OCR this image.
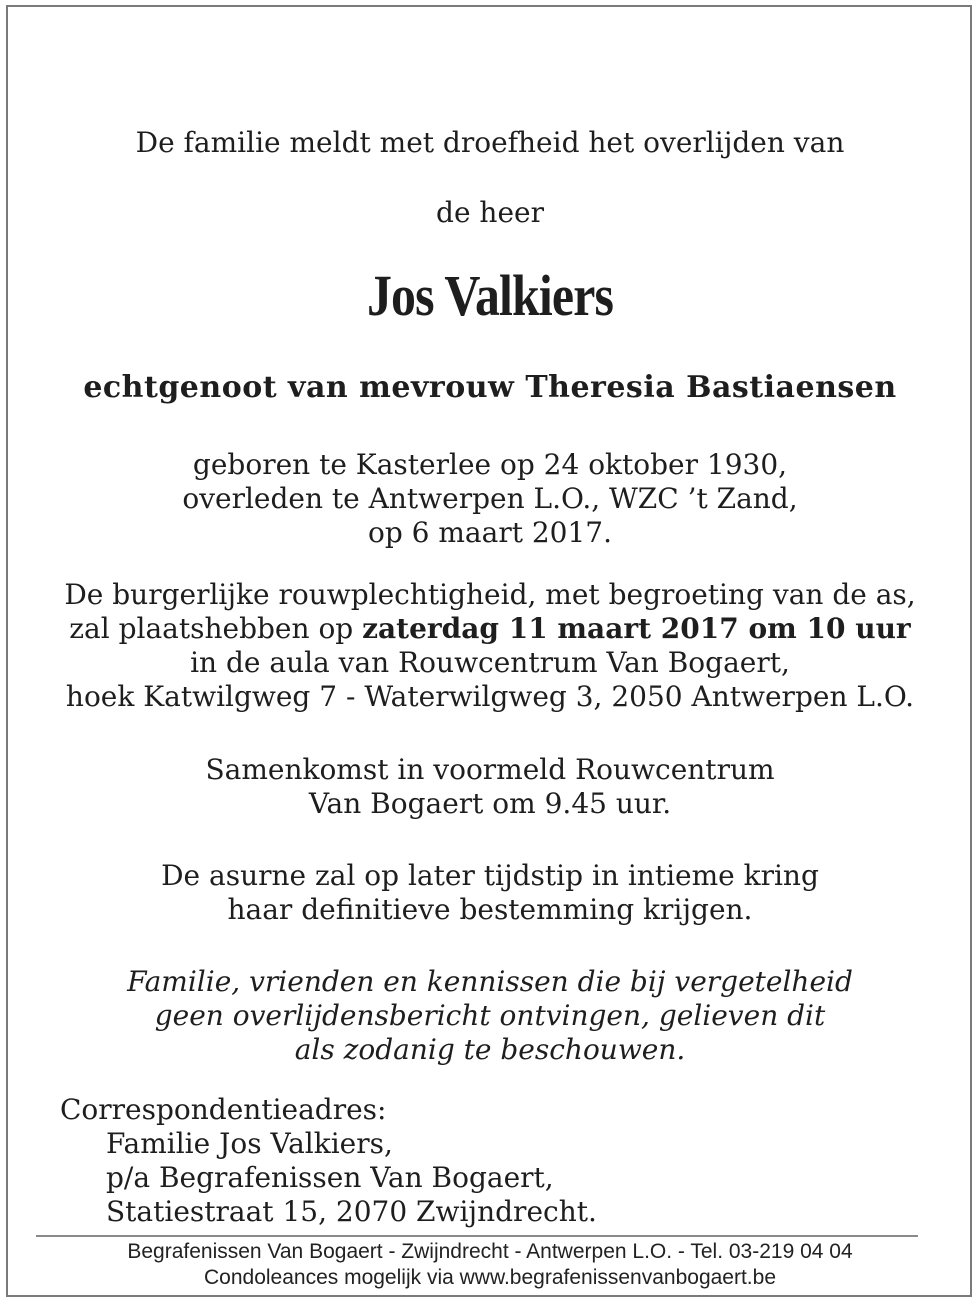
De familie meldt met droefheid het overlijden van
de heer
Jos Valkiers
echtgenoot van mevrouw Theresia Bastiaensen
geboren te Kasterlee op 24 oktober 1930,
overleden te Antwerpen L.O., WZC ’t Zand,
op 6 maart 2017.
De burgerlijke rouwplechtigheid, met begroeting van de as,
zal plaatshebben op zaterdag 11 maart 2017 om 10 uur
in de aula van Rouwcentrum Van Bogaert,
hoek Katwilgweg 7 - Waterwilgweg 3, 2050 Antwerpen L.O.
Samenkomst in voormeld Rouwcentrum
Van Bogaert om 9.45 uur.
De asurne zal op later tijdstip in intieme kring
haar definitieve bestemming krijgen.
Familie, vrienden en kennissen die bij vergetelheid
geen overlijdensbericht ontvingen, gelieven dit
als zodanig te beschouwen.
Correspondentieadres:
Familie Jos Valkiers,
p/a Begrafenissen Van Bogaert,
Statiestraat 15, 2070 Zwijndrecht.
Begrafenissen Van Bogaert - Zwijndrecht - Antwerpen L.O. - Tel. 03-219 04 04
Condoleances mogelijk via www.begrafenissenvanbogaert.be
